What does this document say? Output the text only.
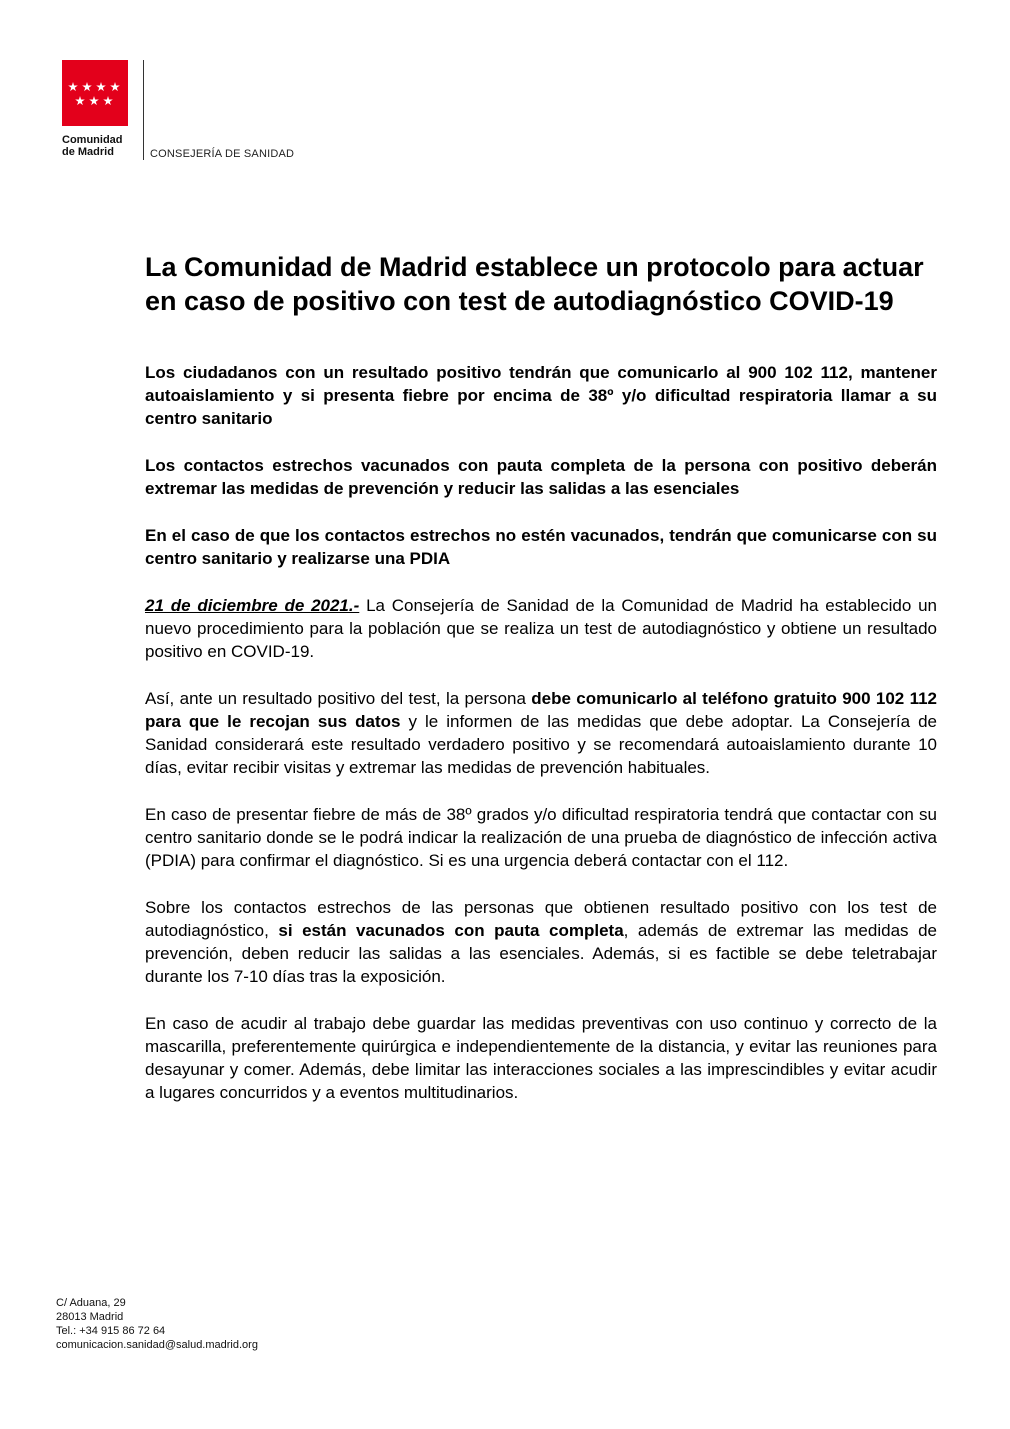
Comunidad
de Madrid	CONSEJERÍA DE SANIDAD
La Comunidad de Madrid establece un protocolo para actuar en caso de positivo con test de autodiagnóstico COVID-19

Los ciudadanos con un resultado positivo tendrán que comunicarlo al 900 102 112, mantener autoaislamiento y si presenta fiebre por encima de 38º y/o dificultad respiratoria llamar a su centro sanitario

Los contactos estrechos vacunados con pauta completa de la persona con positivo deberán extremar las medidas de prevención y reducir las salidas a las esenciales

En el caso de que los contactos estrechos no estén vacunados, tendrán que comunicarse con su centro sanitario y realizarse una PDIA

21 de diciembre de 2021.- La Consejería de Sanidad de la Comunidad de Madrid ha establecido un nuevo procedimiento para la población que se realiza un test de autodiagnóstico y obtiene un resultado positivo en COVID-19.

Así, ante un resultado positivo del test, la persona debe comunicarlo al teléfono gratuito 900 102 112 para que le recojan sus datos y le informen de las medidas que debe adoptar. La Consejería de Sanidad considerará este resultado verdadero positivo y se recomendará autoaislamiento durante 10 días, evitar recibir visitas y extremar las medidas de prevención habituales.

En caso de presentar fiebre de más de 38º grados y/o dificultad respiratoria tendrá que contactar con su centro sanitario donde se le podrá indicar la realización de una prueba de diagnóstico de infección activa (PDIA) para confirmar el diagnóstico. Si es una urgencia deberá contactar con el 112.

Sobre los contactos estrechos de las personas que obtienen resultado positivo con los test de autodiagnóstico, si están vacunados con pauta completa, además de extremar las medidas de prevención, deben reducir las salidas a las esenciales. Además, si es factible se debe teletrabajar durante los 7-10 días tras la exposición.

En caso de acudir al trabajo debe guardar las medidas preventivas con uso continuo y correcto de la mascarilla, preferentemente quirúrgica e independientemente de la distancia, y evitar las reuniones para desayunar y comer. Además, debe limitar las interacciones sociales a las imprescindibles y evitar acudir a lugares concurridos y a eventos multitudinarios.

C/ Aduana, 29
28013 Madrid
Tel.: +34 915 86 72 64
comunicacion.sanidad@salud.madrid.org
